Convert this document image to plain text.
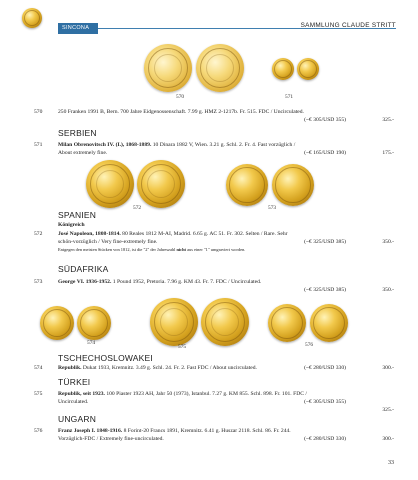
SINCONA	SAMMLUNG CLAUDE STRITT
570	571
570	250 Franken 1991 B, Bern. 700 Jahre Eidgenossenschaft. 7.99 g. HMZ 2-1217b. Fr. 515. FDC / Uncirculated.
(~€ 305/USD 355)	325.-
SERBIEN
571	Milan Obrenovitsch IV. (I.), 1868-1889. 10 Dinara 1882 V, Wien. 3.21 g. Schl. 2. Fr. 4. Fast vorzüglich /
About extremely fine.	(~€ 165/USD 190)	175.-
572	573
SPANIEN
Königreich
572	José Napoleon, 1808-1814. 80 Reales 1812 M-AI, Madrid. 6.65 g. AC 51. Fr. 302. Selten / Rare. Sehr
schön-vorzüglich / Very fine-extremely fine.	(~€ 325/USD 385)	350.-
Entgegen den meisten Stücken von 1812, ist die "2" der Jahreszahl nicht aus einer "1" umgraviert worden.
SÜDAFRIKA
573	George VI. 1936-1952. 1 Pound 1952, Pretoria. 7.96 g. KM 43. Fr. 7. FDC / Uncirculated.
(~€ 325/USD 385)	350.-
574
575	576
TSCHECHOSLOWAKEI
574	Republik. Dukat 1933, Kremnitz. 3.49 g. Schl. 24. Fr. 2. Fast FDC / About uncirculated.	(~€ 280/USD 330)	300.-
TÜRKEI
575	Republik, seit 1923. 100 Piaster 1923 AH, Jahr 50 (1973), Istanbul. 7.27 g. KM 855. Schl. 898. Fr. 101. FDC /
Uncirculated.	(~€ 305/USD 355)
325.-
UNGARN
576	Franz Joseph I. 1848-1916. 8 Forint-20 Francs 1891, Kremnitz. 6.41 g. Huszar 2118. Schl. 86. Fr. 244.
Vorzüglich-FDC / Extremely fine-uncirculated.	(~€ 280/USD 330)	300.-
33
